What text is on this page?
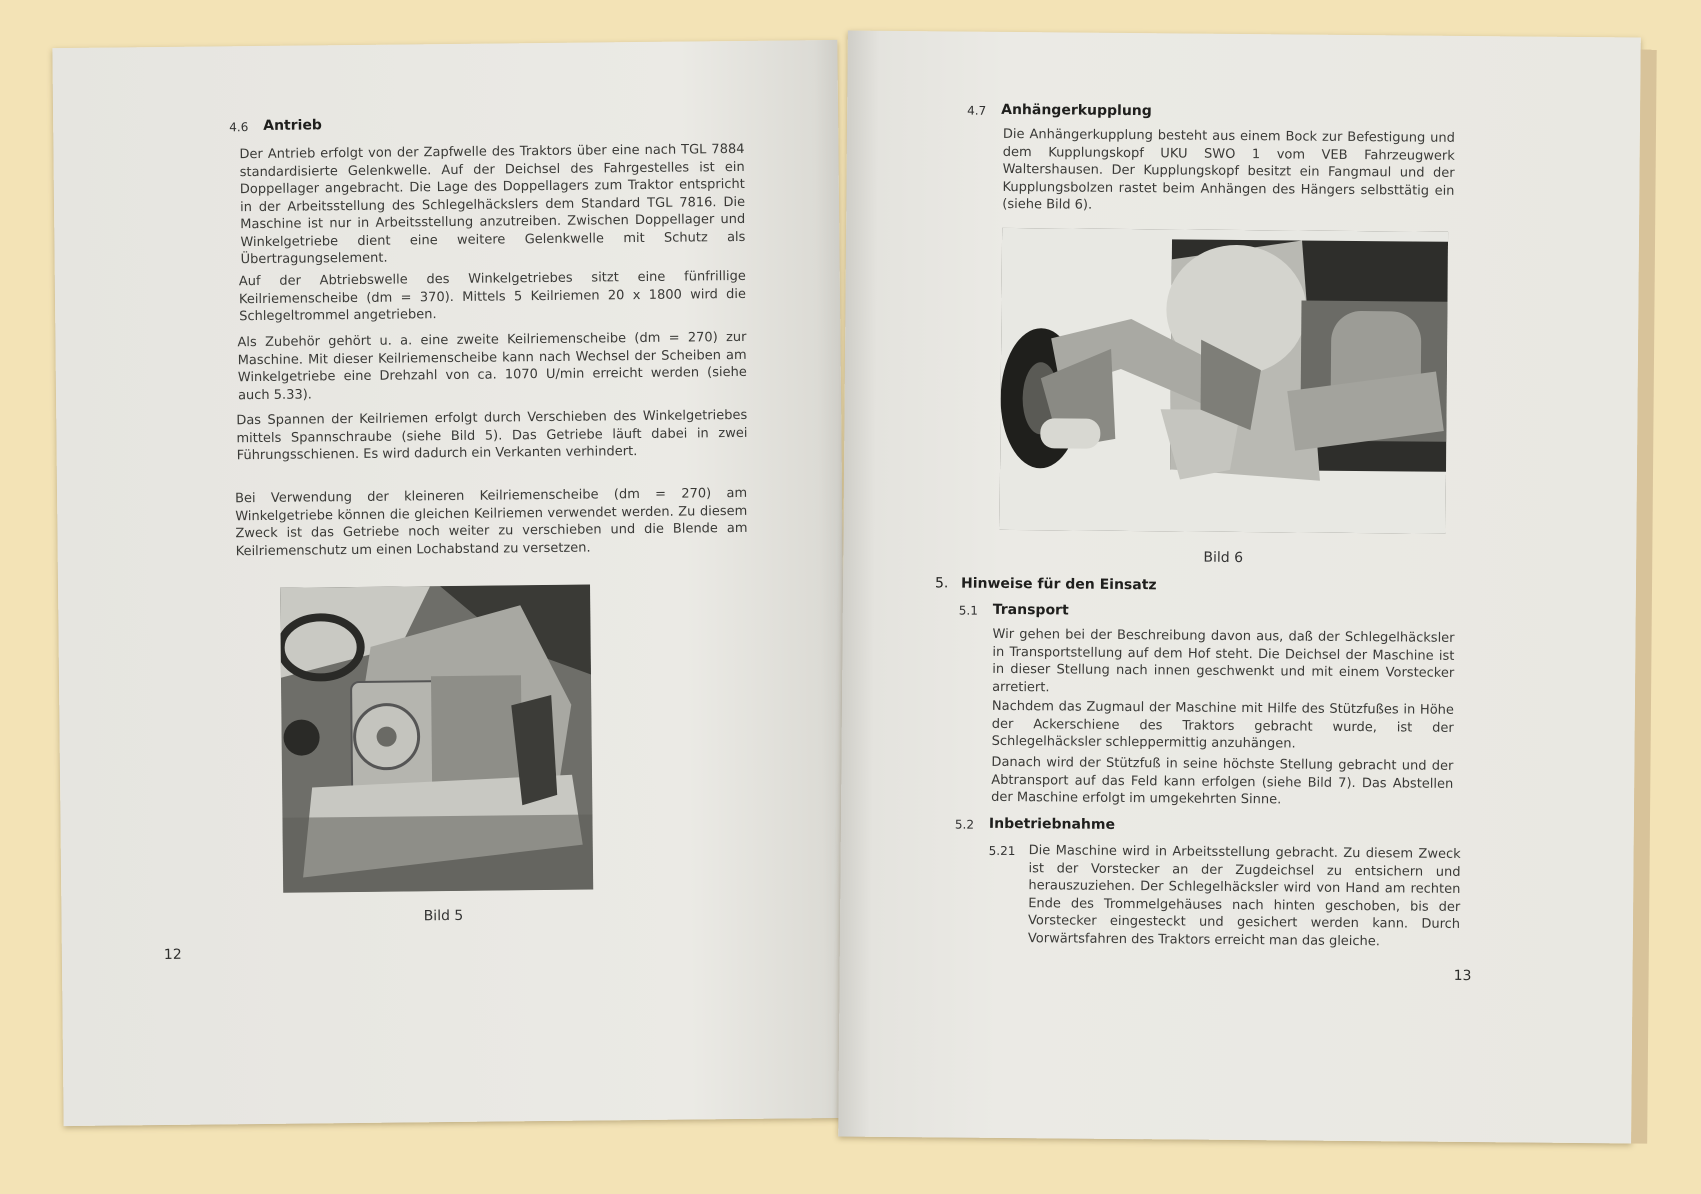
4.6 Antrieb

Der Antrieb erfolgt von der Zapfwelle des Traktors über eine nach TGL 7884 standardisierte Gelenkwelle. Auf der Deichsel des Fahrgestelles ist ein Doppellager angebracht. Die Lage des Doppellagers zum Traktor entspricht in der Arbeitsstellung des Schlegelhäckslers dem Standard TGL 7816. Die Maschine ist nur in Arbeitsstellung anzutreiben. Zwischen Doppellager und Winkelgetriebe dient eine weitere Gelenkwelle mit Schutz als Übertragungselement.

Auf der Abtriebswelle des Winkelgetriebes sitzt eine fünfrillige Keilriemenscheibe (dm = 370). Mittels 5 Keilriemen 20 x 1800 wird die Schlegeltrommel angetrieben.

Als Zubehör gehört u. a. eine zweite Keilriemenscheibe (dm = 270) zur Maschine. Mit dieser Keilriemenscheibe kann nach Wechsel der Scheiben am Winkelgetriebe eine Drehzahl von ca. 1070 U/min erreicht werden (siehe auch 5.33).

Das Spannen der Keilriemen erfolgt durch Verschieben des Winkelgetriebes mittels Spannschraube (siehe Bild 5). Das Getriebe läuft dabei in zwei Führungsschienen. Es wird dadurch ein Verkanten verhindert.

Bei Verwendung der kleineren Keilriemenscheibe (dm = 270) am Winkelgetriebe können die gleichen Keilriemen verwendet werden. Zu diesem Zweck ist das Getriebe noch weiter zu verschieben und die Blende am Keilriemenschutz um einen Lochabstand zu versetzen.

Bild 5
12
4.7 Anhängerkupplung

Die Anhängerkupplung besteht aus einem Bock zur Befestigung und dem Kupplungskopf UKU SWO 1 vom VEB Fahrzeugwerk Waltershausen. Der Kupplungskopf besitzt ein Fangmaul und der Kupplungsbolzen rastet beim Anhängen des Hängers selbsttätig ein (siehe Bild 6).

Bild 6
5. Hinweise für den Einsatz
5.1 Transport

Wir gehen bei der Beschreibung davon aus, daß der Schlegelhäcksler in Transportstellung auf dem Hof steht. Die Deichsel der Maschine ist in dieser Stellung nach innen geschwenkt und mit einem Vorstecker arretiert.

Nachdem das Zugmaul der Maschine mit Hilfe des Stützfußes in Höhe der Ackerschiene des Traktors gebracht wurde, ist der Schlegelhäcksler schleppermittig anzuhängen.

Danach wird der Stützfuß in seine höchste Stellung gebracht und der Abtransport auf das Feld kann erfolgen (siehe Bild 7). Das Abstellen der Maschine erfolgt im umgekehrten Sinne.

5.2 Inbetriebnahme
5.21 Die Maschine wird in Arbeitsstellung gebracht. Zu diesem Zweck ist der Vorstecker an der Zugdeichsel zu entsichern und herauszuziehen. Der Schlegelhäcksler wird von Hand am rechten Ende des Trommelgehäuses nach hinten geschoben, bis der Vorstecker eingesteckt und gesichert werden kann. Durch Vorwärtsfahren des Traktors erreicht man das gleiche.

13
